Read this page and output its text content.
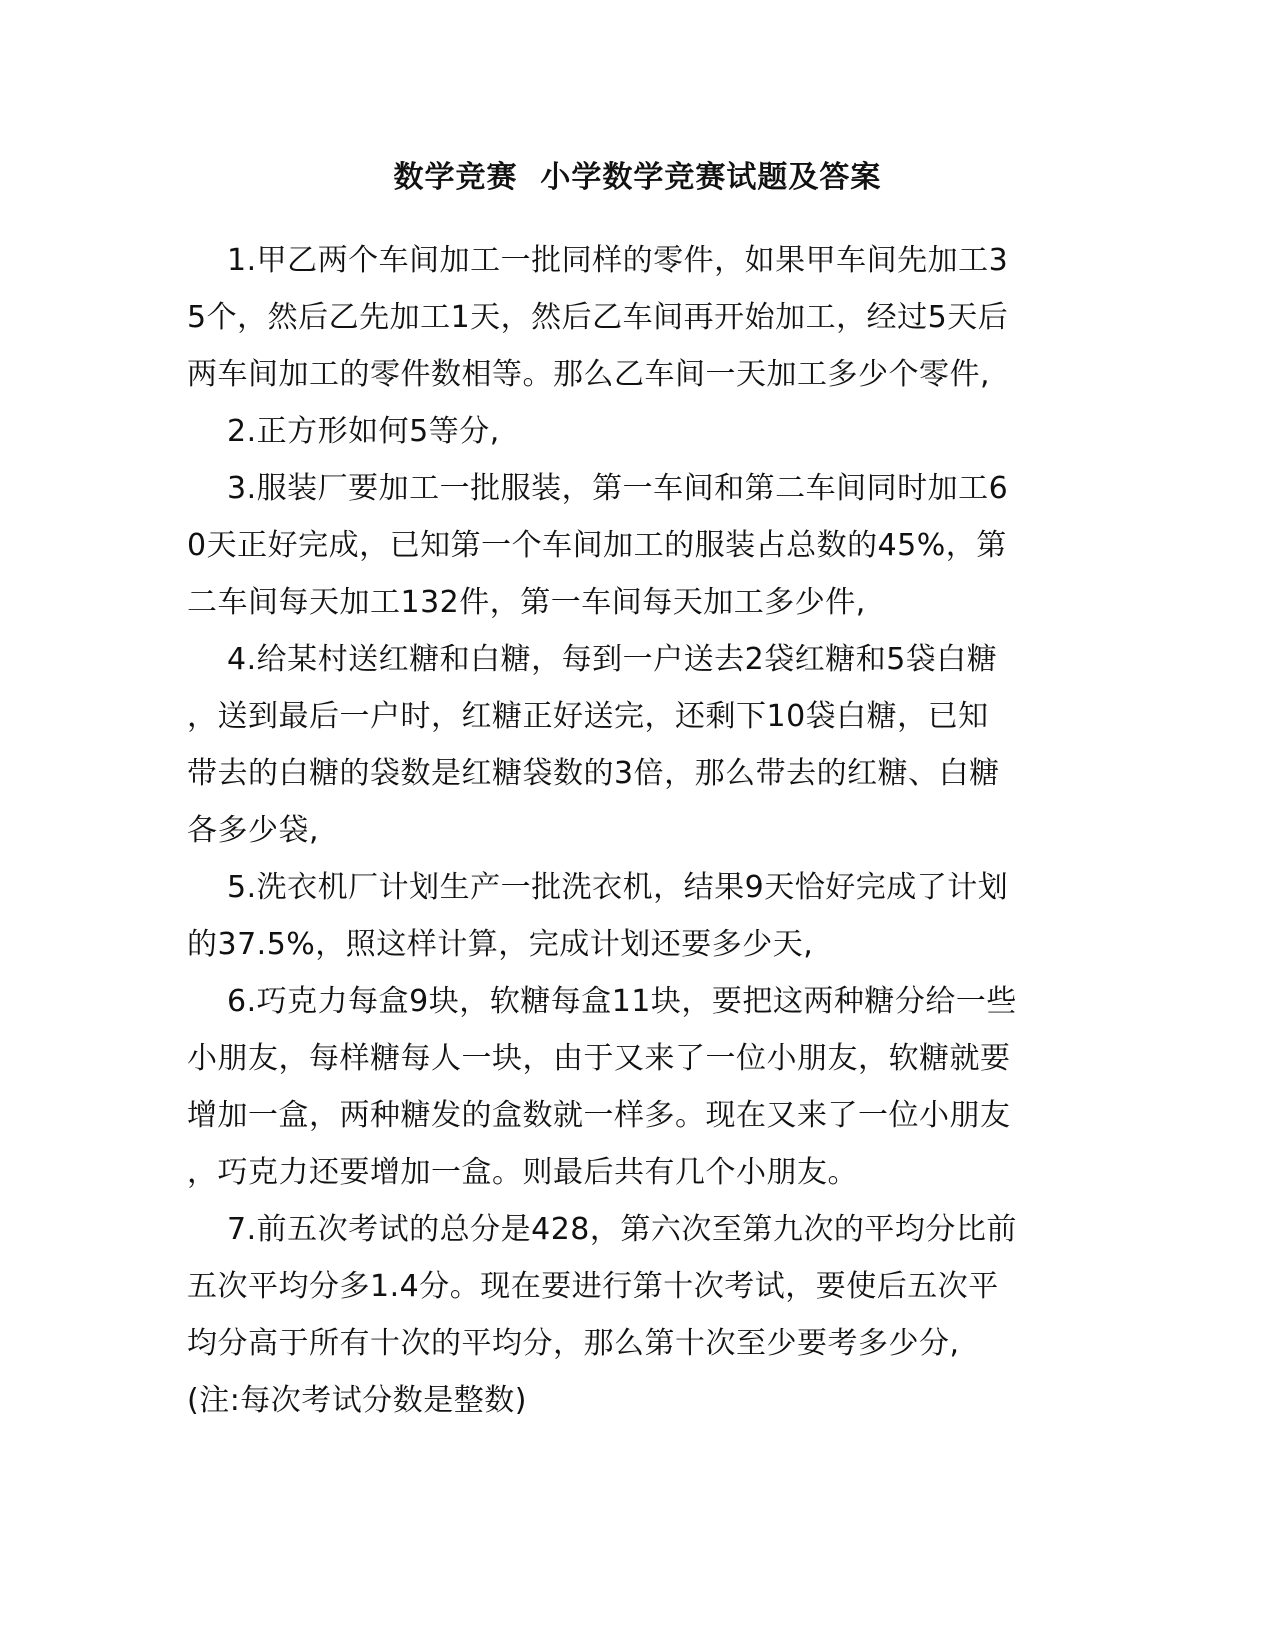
数学竞赛  小学数学竞赛试题及答案
1.甲乙两个车间加工一批同样的零件，如果甲车间先加工3
5个，然后乙先加工1天，然后乙车间再开始加工，经过5天后
两车间加工的零件数相等。那么乙车间一天加工多少个零件,
2.正方形如何5等分,
3.服装厂要加工一批服装，第一车间和第二车间同时加工6
0天正好完成，已知第一个车间加工的服装占总数的45%，第
二车间每天加工132件，第一车间每天加工多少件,
4.给某村送红糖和白糖，每到一户送去2袋红糖和5袋白糖
，送到最后一户时，红糖正好送完，还剩下10袋白糖，已知
带去的白糖的袋数是红糖袋数的3倍，那么带去的红糖、白糖
各多少袋,
5.洗衣机厂计划生产一批洗衣机，结果9天恰好完成了计划
的37.5%，照这样计算，完成计划还要多少天,
6.巧克力每盒9块，软糖每盒11块，要把这两种糖分给一些
小朋友，每样糖每人一块，由于又来了一位小朋友，软糖就要
增加一盒，两种糖发的盒数就一样多。现在又来了一位小朋友
，巧克力还要增加一盒。则最后共有几个小朋友。
7.前五次考试的总分是428，第六次至第九次的平均分比前
五次平均分多1.4分。现在要进行第十次考试，要使后五次平
均分高于所有十次的平均分，那么第十次至少要考多少分,
(注:每次考试分数是整数)
